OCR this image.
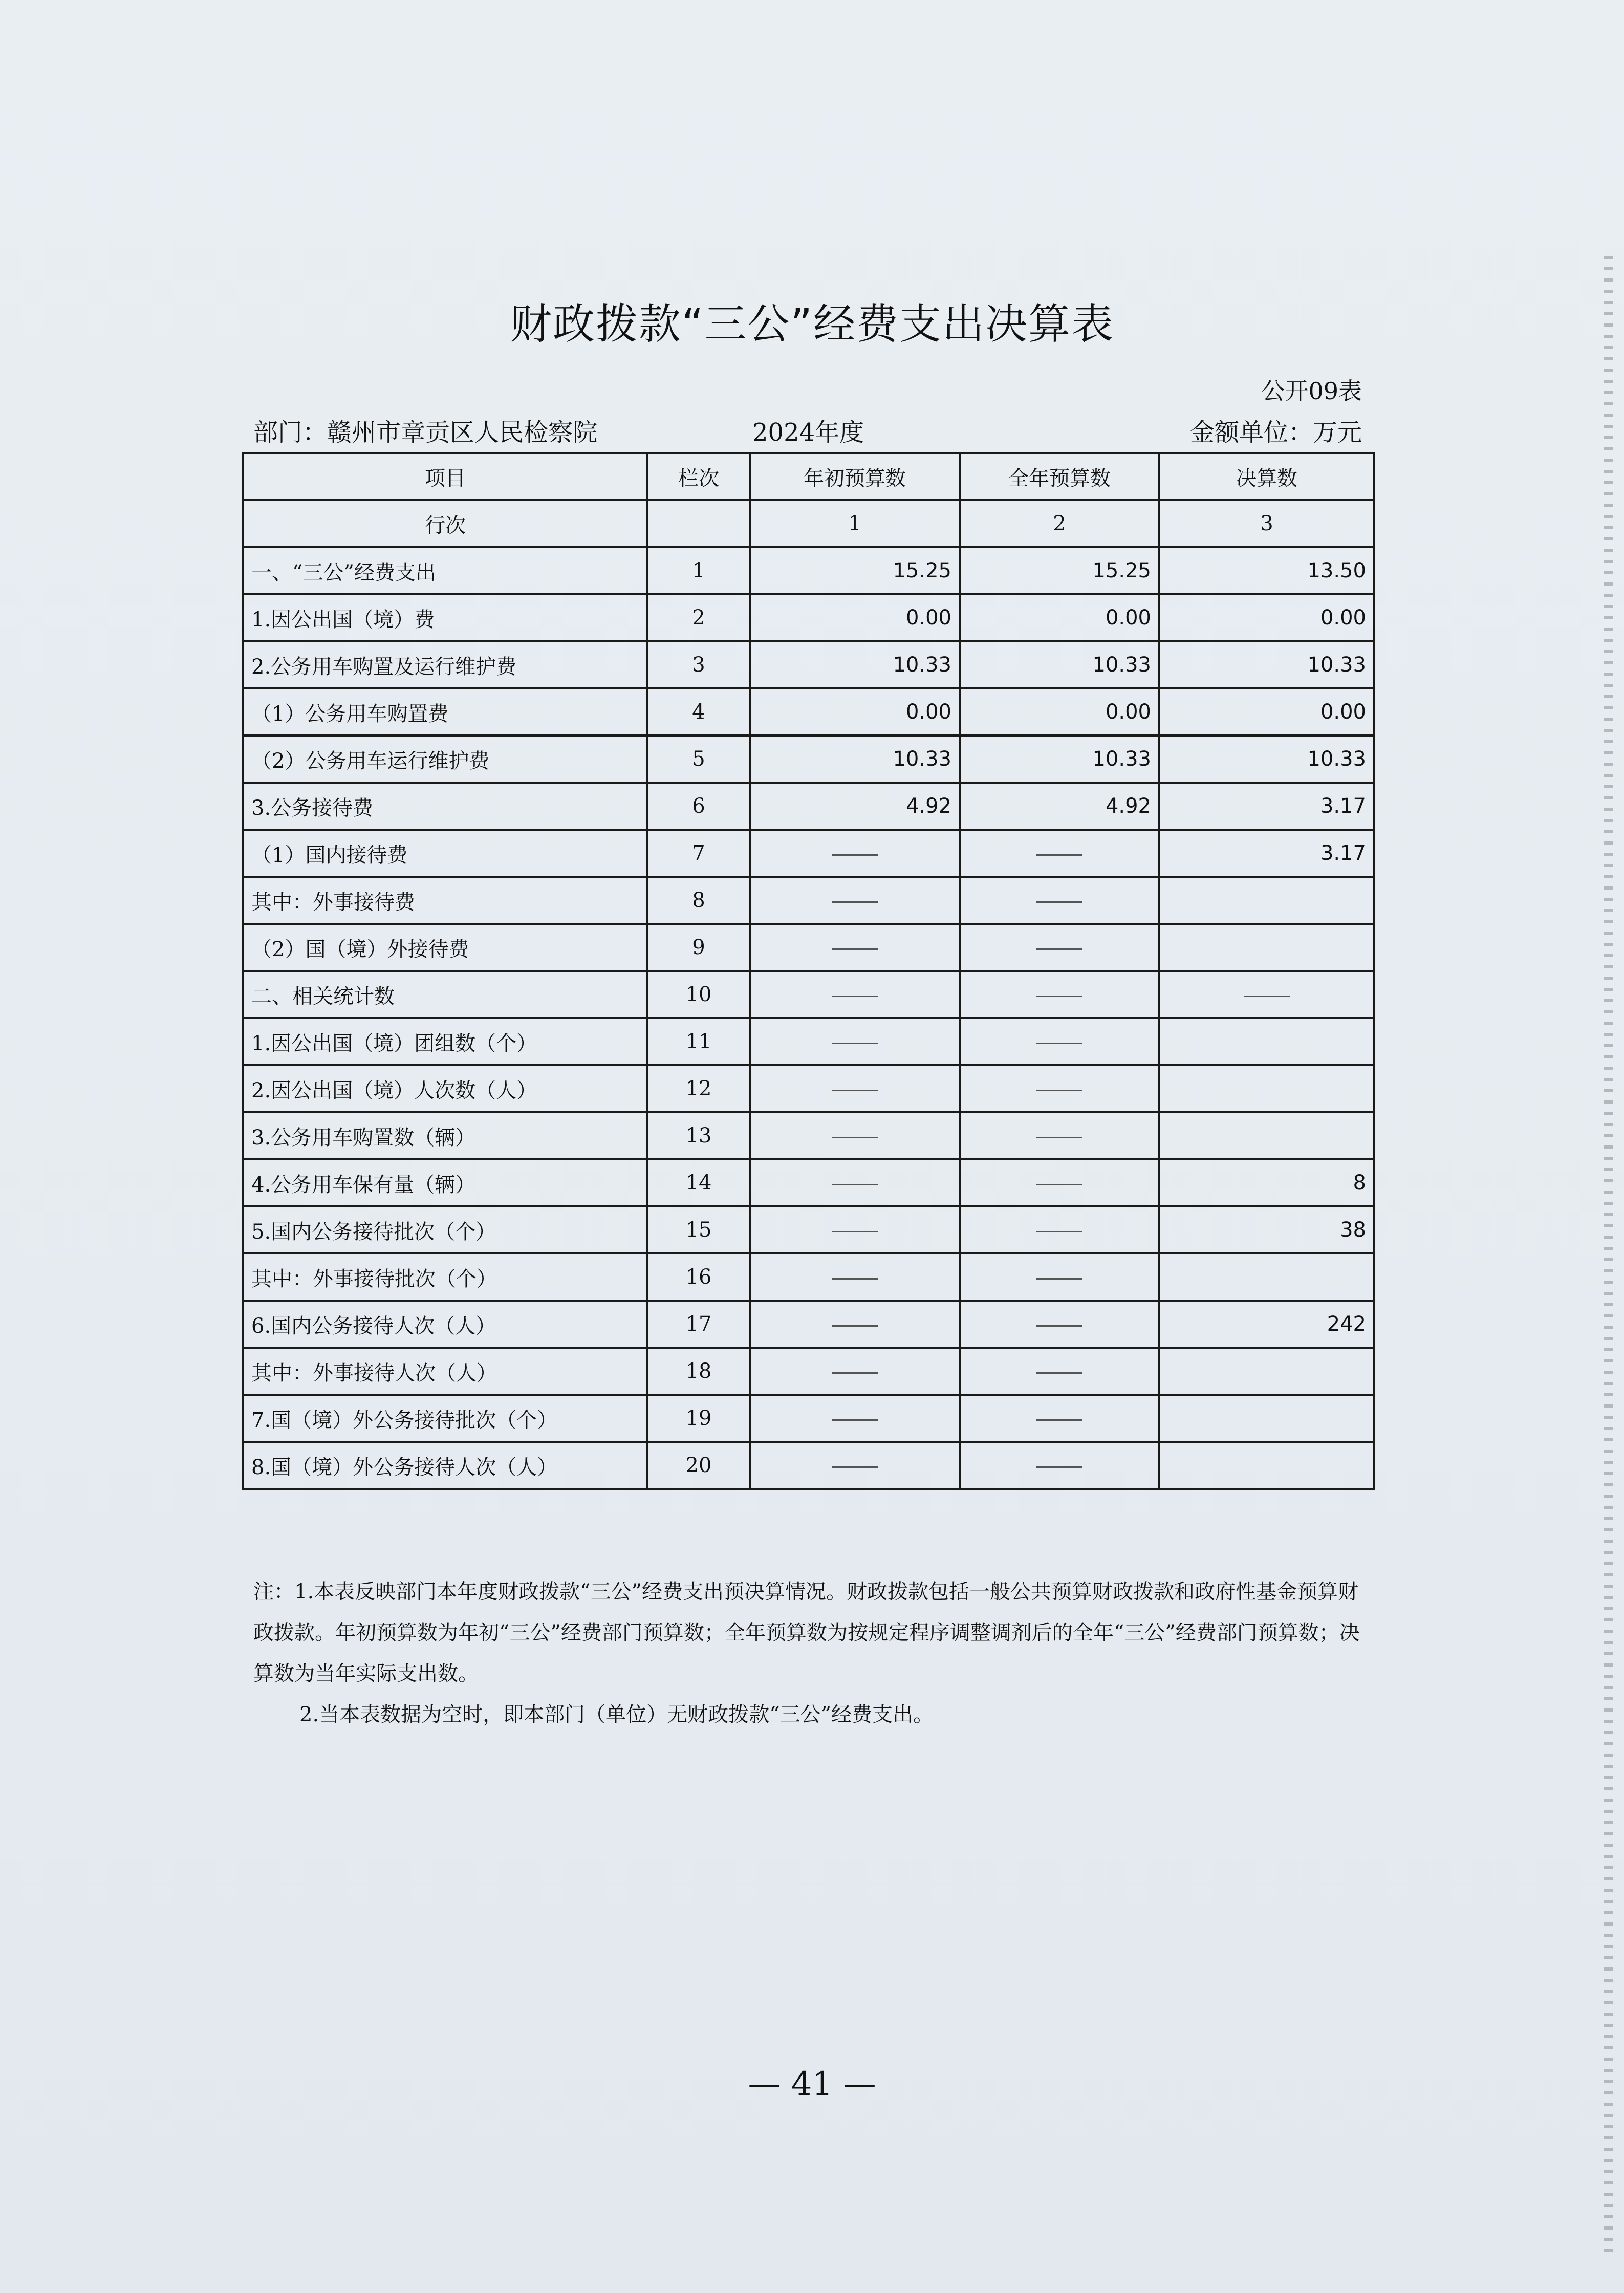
财政拨款“三公”经费支出决算表
公开09表
部门：赣州市章贡区人民检察院	2024年度	金额单位：万元
项目	栏次	年初预算数	全年预算数	决算数
行次		1	2	3
一、“三公”经费支出	1	15.25	15.25	13.50
1.因公出国（境）费	2	0.00	0.00	0.00
2.公务用车购置及运行维护费	3	10.33	10.33	10.33
（1）公务用车购置费	4	0.00	0.00	0.00
（2）公务用车运行维护费	5	10.33	10.33	10.33
3.公务接待费	6	4.92	4.92	3.17
（1）国内接待费	7			3.17
其中：外事接待费	8			
（2）国（境）外接待费	9			
二、相关统计数	10			
1.因公出国（境）团组数（个）	11			
2.因公出国（境）人次数（人）	12			
3.公务用车购置数（辆）	13			
4.公务用车保有量（辆）	14			8
5.国内公务接待批次（个）	15			38
其中：外事接待批次（个）	16			
6.国内公务接待人次（人）	17			242
其中：外事接待人次（人）	18			
7.国（境）外公务接待批次（个）	19			
8.国（境）外公务接待人次（人）	20			
注：1.本表反映部门本年度财政拨款“三公”经费支出预决算情况。财政拨款包括一般公共预算财政拨款和政府性基金预算财政拨款。年初预算数为年初“三公”经费部门预算数；全年预算数为按规定程序调整调剂后的全年“三公”经费部门预算数；决算数为当年实际支出数。
2.当本表数据为空时，即本部门（单位）无财政拨款“三公”经费支出。
— 41 —
